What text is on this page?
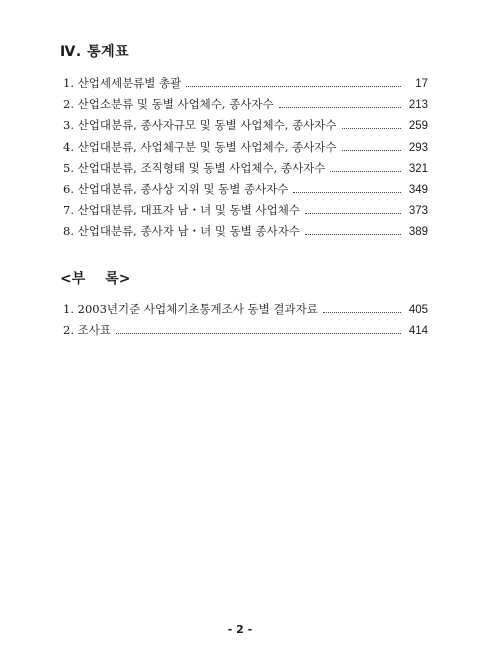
Ⅳ. 통계표
1. 산업세세분류별 총괄	17
2. 산업소분류 및 동별 사업체수, 종사자수	213
3. 산업대분류, 종사자규모 및 동별 사업체수, 종사자수	259
4. 산업대분류, 사업체구분 및 동별 사업체수, 종사자수	293
5. 산업대분류, 조직형태 및 동별 사업체수, 종사자수	321
6. 산업대분류, 종사상 지위 및 동별 종사자수	349
7. 산업대분류, 대표자 남・녀 및 동별 사업체수	373
8. 산업대분류, 종사자 남・녀 및 동별 종사자수	389
<부 록>
1. 2003년기준 사업체기초통계조사 동별 결과자료	405
2. 조사표	414
- 2 -
